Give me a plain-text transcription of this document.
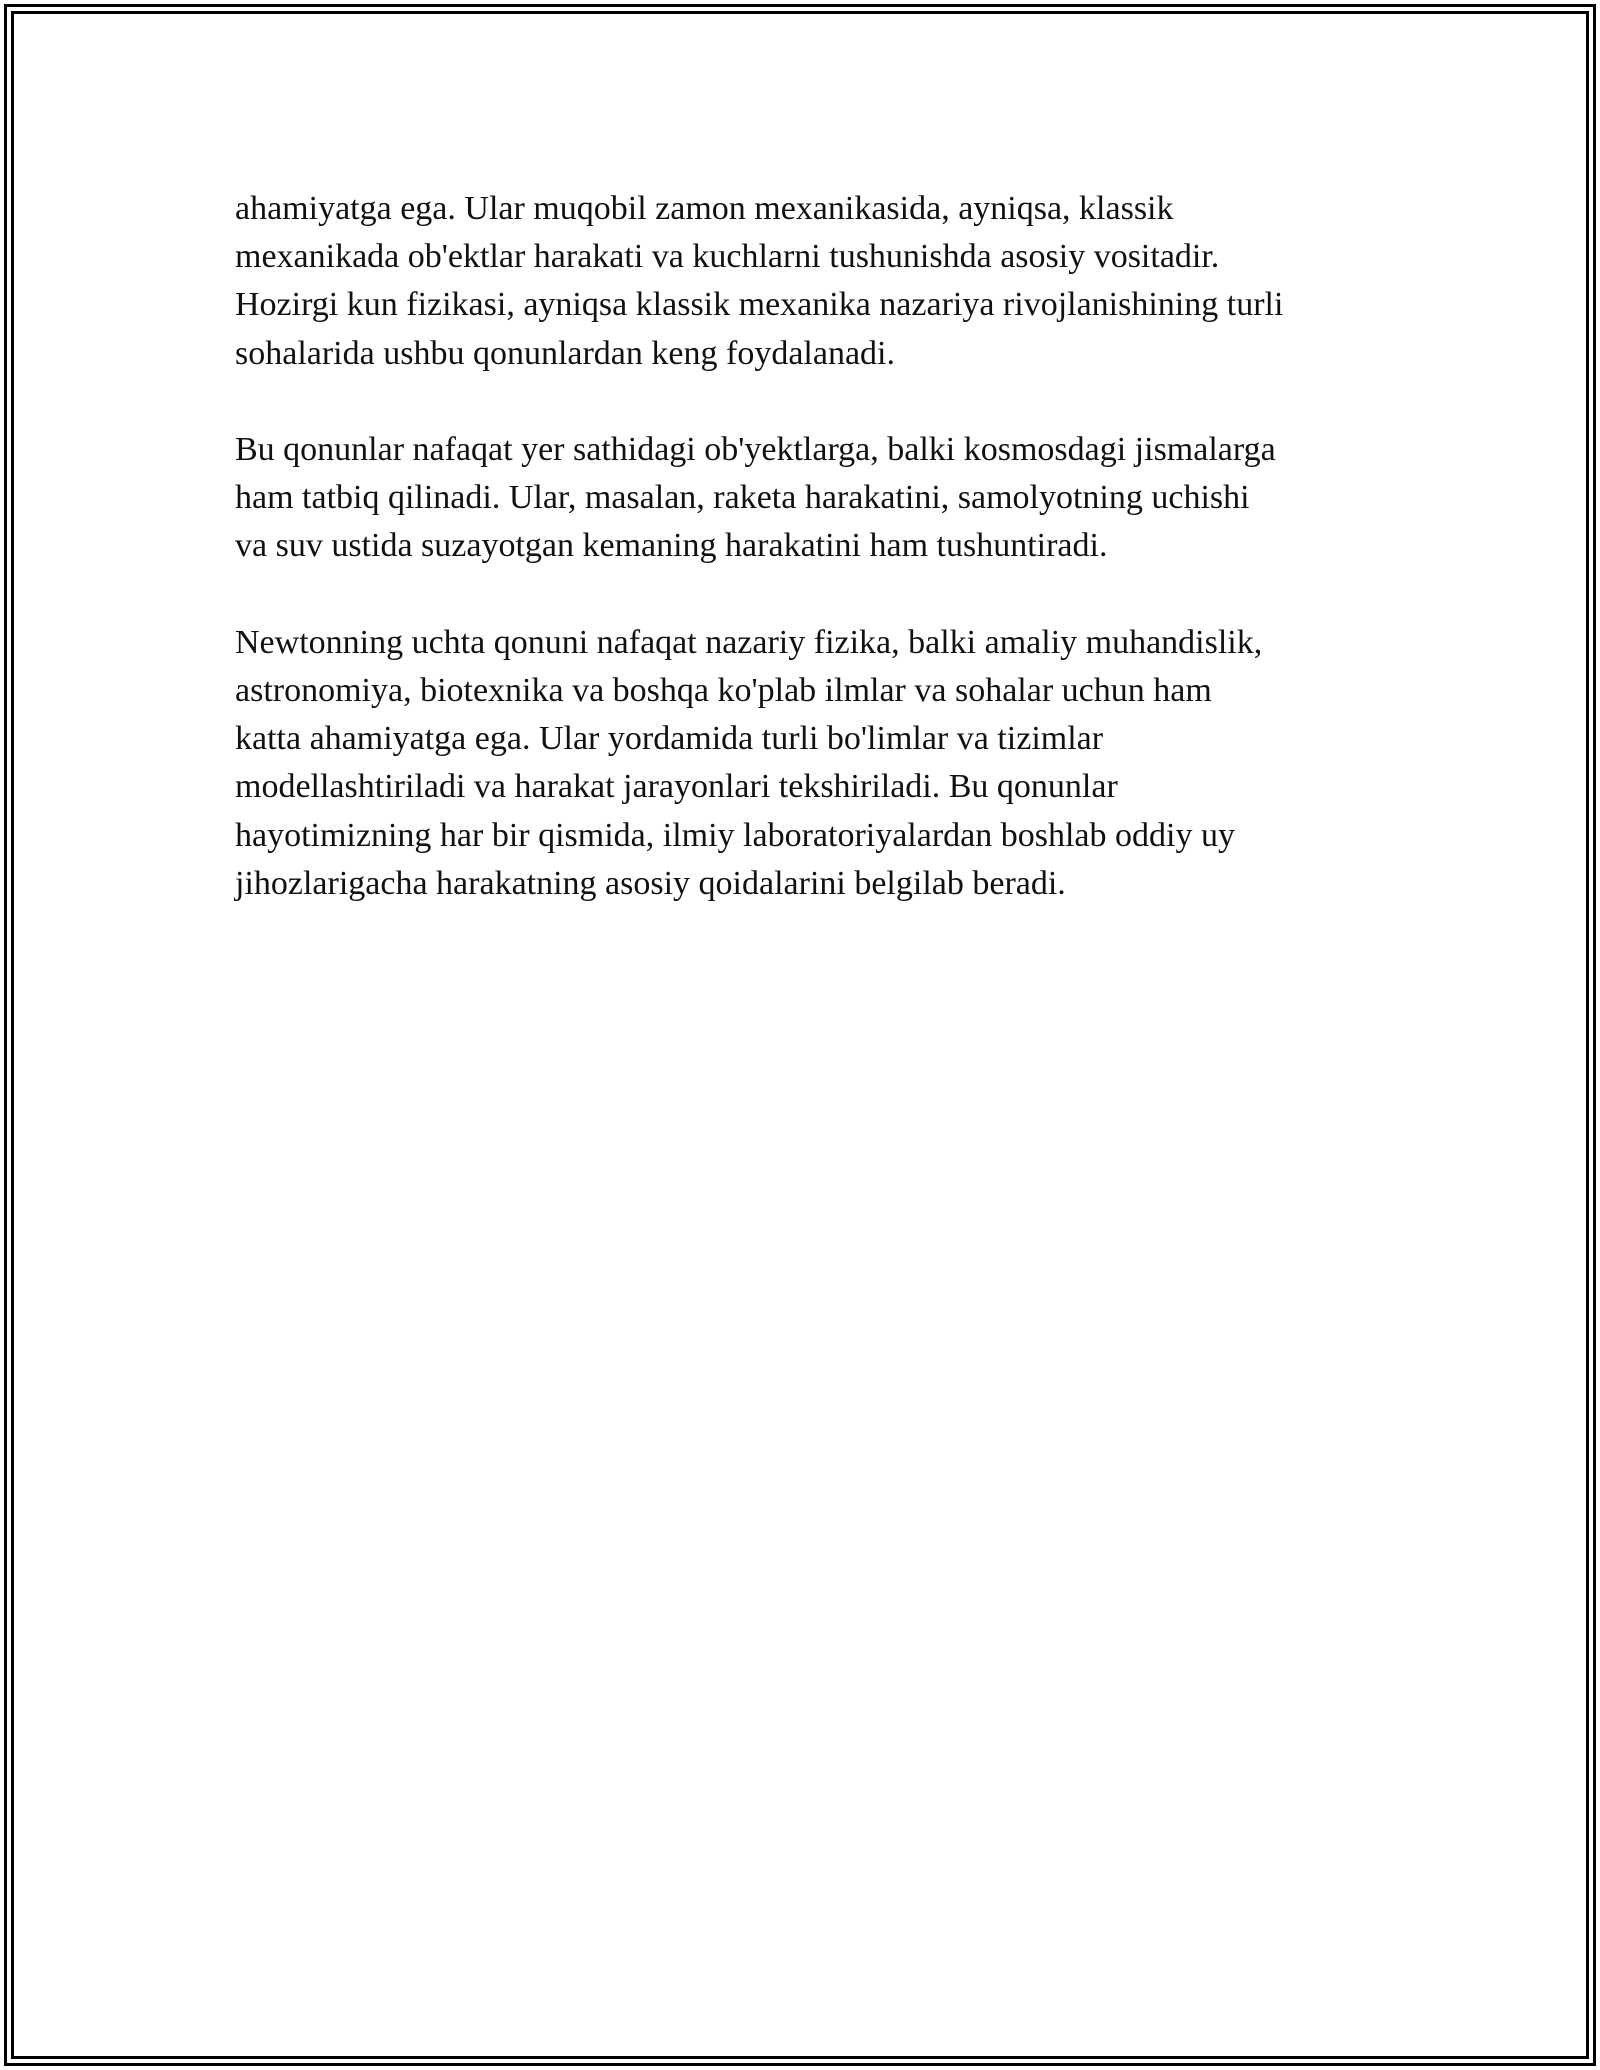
ahamiyatga ega. Ular muqobil zamon mexanikasida, ayniqsa, klassik
mexanikada ob'ektlar harakati va kuchlarni tushunishda asosiy vositadir.
Hozirgi kun fizikasi, ayniqsa klassik mexanika nazariya rivojlanishining turli
sohalarida ushbu qonunlardan keng foydalanadi.

Bu qonunlar nafaqat yer sathidagi ob'yektlarga, balki kosmosdagi jismalarga
ham tatbiq qilinadi. Ular, masalan, raketa harakatini, samolyotning uchishi
va suv ustida suzayotgan kemaning harakatini ham tushuntiradi.

Newtonning uchta qonuni nafaqat nazariy fizika, balki amaliy muhandislik,
astronomiya, biotexnika va boshqa ko'plab ilmlar va sohalar uchun ham
katta ahamiyatga ega. Ular yordamida turli bo'limlar va tizimlar
modellashtiriladi va harakat jarayonlari tekshiriladi. Bu qonunlar
hayotimizning har bir qismida, ilmiy laboratoriyalardan boshlab oddiy uy
jihozlarigacha harakatning asosiy qoidalarini belgilab beradi.
